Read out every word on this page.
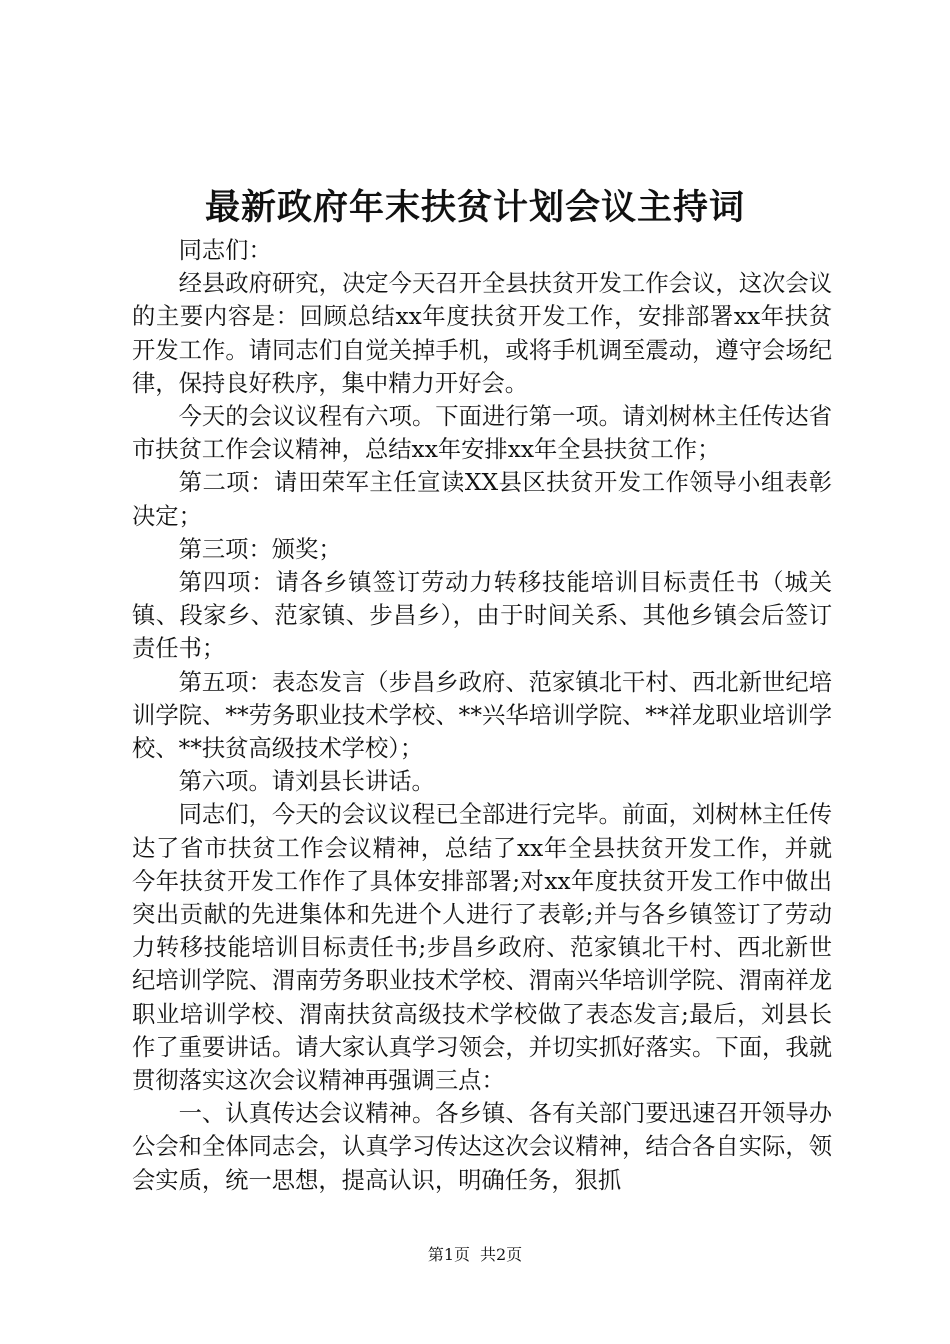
最新政府年末扶贫计划会议主持词

同志们：

经县政府研究，决定今天召开全县扶贫开发工作会议，这次会议的主要内容是：回顾总结xx年度扶贫开发工作，安排部署xx年扶贫开发工作。请同志们自觉关掉手机，或将手机调至震动，遵守会场纪律，保持良好秩序，集中精力开好会。

今天的会议议程有六项。下面进行第一项。请刘树林主任传达省市扶贫工作会议精神，总结xx年安排xx年全县扶贫工作；

第二项：请田荣军主任宣读XX县区扶贫开发工作领导小组表彰决定；

第三项：颁奖；

第四项：请各乡镇签订劳动力转移技能培训目标责任书（城关镇、段家乡、范家镇、步昌乡），由于时间关系、其他乡镇会后签订责任书；

第五项：表态发言（步昌乡政府、范家镇北干村、西北新世纪培训学院、**劳务职业技术学校、**兴华培训学院、**祥龙职业培训学校、**扶贫高级技术学校）；

第六项。请刘县长讲话。

同志们，今天的会议议程已全部进行完毕。前面，刘树林主任传达了省市扶贫工作会议精神，总结了xx年全县扶贫开发工作，并就今年扶贫开发工作作了具体安排部署;对xx年度扶贫开发工作中做出突出贡献的先进集体和先进个人进行了表彰;并与各乡镇签订了劳动力转移技能培训目标责任书;步昌乡政府、范家镇北干村、西北新世纪培训学院、渭南劳务职业技术学校、渭南兴华培训学院、渭南祥龙职业培训学校、渭南扶贫高级技术学校做了表态发言;最后，刘县长作了重要讲话。请大家认真学习领会，并切实抓好落实。下面，我就贯彻落实这次会议精神再强调三点：

一、认真传达会议精神。各乡镇、各有关部门要迅速召开领导办公会和全体同志会，认真学习传达这次会议精神，结合各自实际，领会实质，统一思想，提高认识，明确任务，狠抓

第1页 共2页
